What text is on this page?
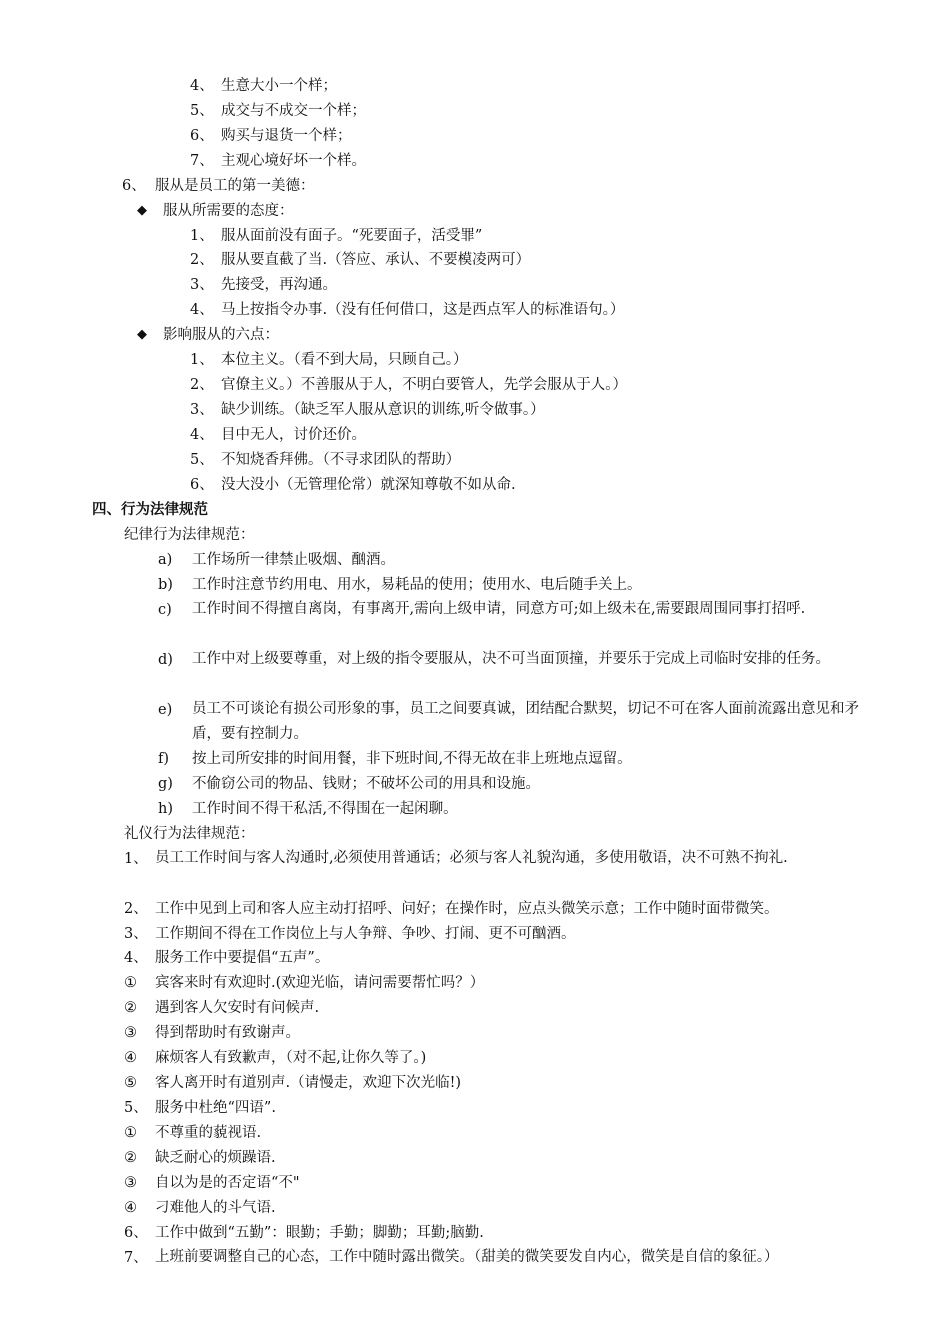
4、 生意大小一个样；
5、 成交与不成交一个样；
6、 购买与退货一个样；
7、 主观心境好坏一个样。
6、 服从是员工的第一美德：
◆ 服从所需要的态度：
1、 服从面前没有面子。“死要面子，活受罪”
2、 服从要直截了当.（答应、承认、不要模凌两可）
3、 先接受，再沟通。
4、 马上按指令办事.（没有任何借口，这是西点军人的标准语句。）
◆ 影响服从的六点：
1、 本位主义。（看不到大局，只顾自己。）
2、 官僚主义。）不善服从于人，不明白要管人，先学会服从于人。）
3、 缺少训练。（缺乏军人服从意识的训练,听令做事。）
4、 目中无人，讨价还价。
5、 不知烧香拜佛。（不寻求团队的帮助）
6、 没大没小（无管理伦常）就深知尊敬不如从命.
四、行为法律规范
纪律行为法律规范：
a) 工作场所一律禁止吸烟、酗酒。
b) 工作时注意节约用电、用水，易耗品的使用；使用水、电后随手关上。
c) 工作时间不得擅自离岗，有事离开,需向上级申请，同意方可;如上级未在,需要跟周围同事打招呼.
d) 工作中对上级要尊重，对上级的指令要服从，决不可当面顶撞，并要乐于完成上司临时安排的任务。
e) 员工不可谈论有损公司形象的事，员工之间要真诚，团结配合默契，切记不可在客人面前流露出意见和矛盾，要有控制力。
f) 按上司所安排的时间用餐，非下班时间,不得无故在非上班地点逗留。
g) 不偷窃公司的物品、钱财；不破坏公司的用具和设施。
h) 工作时间不得干私活,不得围在一起闲聊。
礼仪行为法律规范：
1、 员工工作时间与客人沟通时,必须使用普通话；必须与客人礼貌沟通，多使用敬语，决不可熟不拘礼.
2、 工作中见到上司和客人应主动打招呼、问好；在操作时，应点头微笑示意；工作中随时面带微笑。
3、 工作期间不得在工作岗位上与人争辩、争吵、打闹、更不可酗酒。
4、 服务工作中要提倡“五声”。
① 宾客来时有欢迎时.(欢迎光临，请问需要帮忙吗？）
② 遇到客人欠安时有问候声.
③ 得到帮助时有致谢声。
④ 麻烦客人有致歉声，（对不起,让你久等了。)
⑤ 客人离开时有道别声.（请慢走，欢迎下次光临!)
5、 服务中杜绝“四语”.
① 不尊重的藐视语.
② 缺乏耐心的烦躁语.
③ 自以为是的否定语“不"
④ 刁难他人的斗气语.
6、 工作中做到“五勤”：眼勤；手勤；脚勤；耳勤;脑勤.
7、 上班前要调整自己的心态，工作中随时露出微笑。（甜美的微笑要发自内心，微笑是自信的象征。）
